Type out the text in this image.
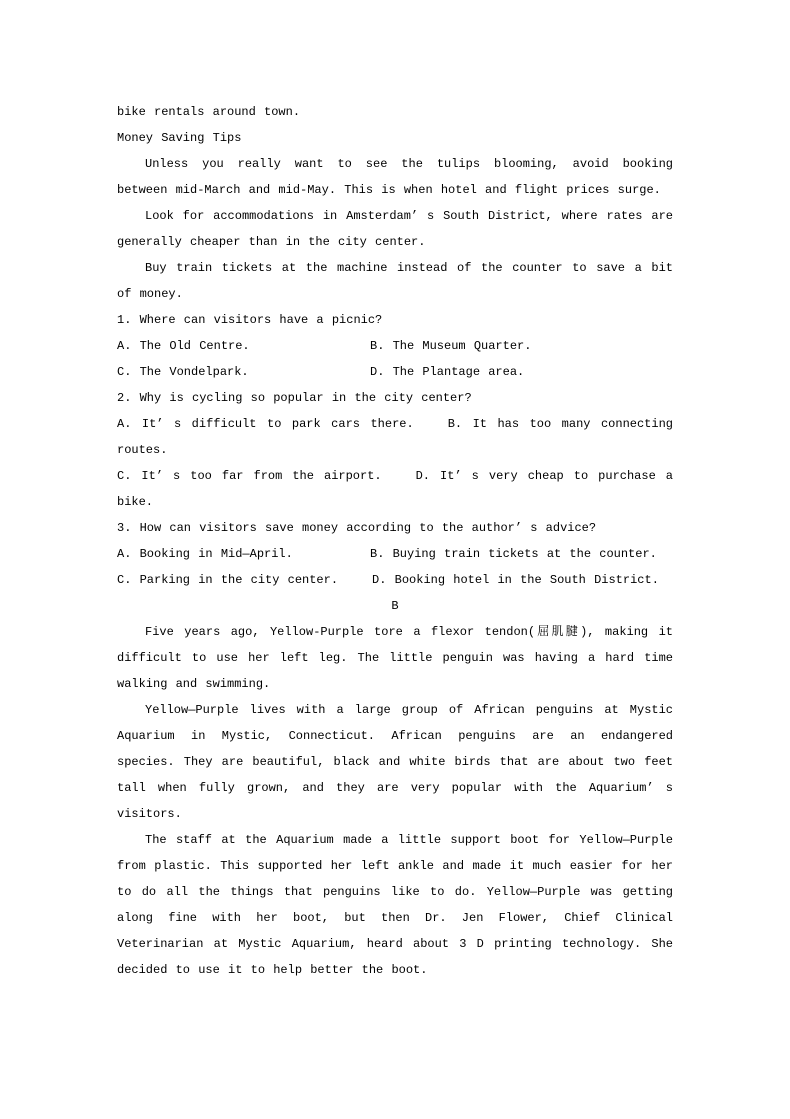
bike rentals around town.

Money Saving Tips

Unless you really want to see the tulips blooming, avoid booking between mid-March and mid-May. This is when hotel and flight prices surge.

Look for accommodations in Amsterdam’ s South District, where rates are generally cheaper than in the city center.

Buy train tickets at the machine instead of the counter to save a bit of money.

1. Where can visitors have a picnic?

A. The Old Centre.	B. The Museum Quarter.

C. The Vondelpark.	D. The Plantage area.

2. Why is cycling so popular in the city center?

A. It’ s difficult to park cars there.	B. It has too many connecting routes.

C. It’ s too far from the airport.	D. It’ s very cheap to purchase a bike.

3. How can visitors save money according to the author’ s advice?

A. Booking in Mid—April.	B. Buying train tickets at the counter.

C. Parking in the city center.	D. Booking hotel in the South District.

B

Five years ago, Yellow-Purple tore a flexor tendon(屈肌腱), making it difficult to use her left leg. The little penguin was having a hard time walking and swimming.

Yellow—Purple lives with a large group of African penguins at Mystic Aquarium in Mystic, Connecticut. African penguins are an endangered species. They are beautiful, black and white birds that are about two feet tall when fully grown, and they are very popular with the Aquarium’ s visitors.

The staff at the Aquarium made a little support boot for Yellow—Purple from plastic. This supported her left ankle and made it much easier for her to do all the things that penguins like to do. Yellow—Purple was getting along fine with her boot, but then Dr. Jen Flower, Chief Clinical Veterinarian at Mystic Aquarium, heard about 3 D printing technology. She decided to use it to help better the boot.
